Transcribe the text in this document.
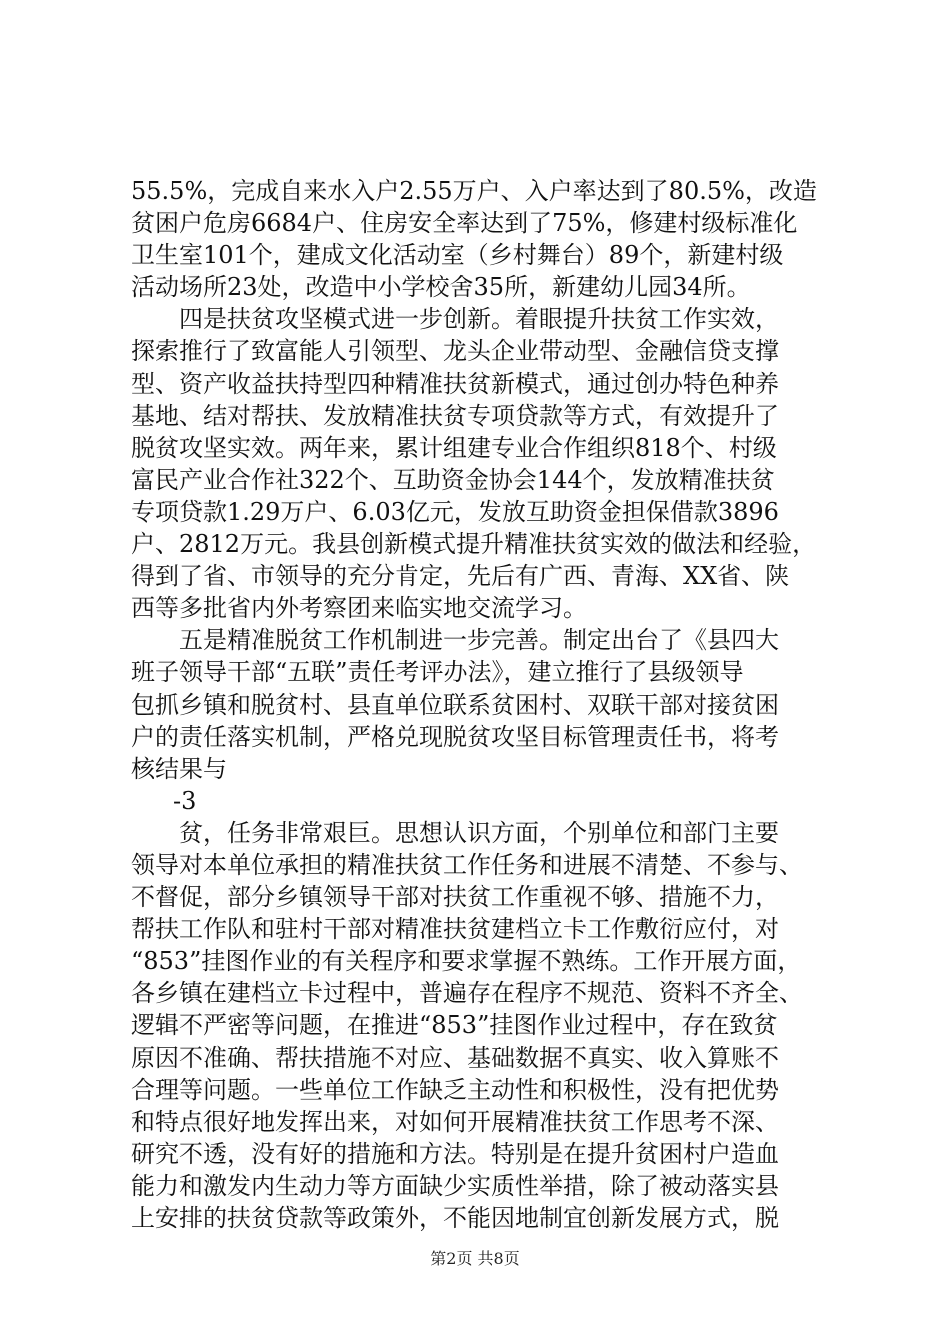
55.5%，完成自来水入户2.55万户、入户率达到了80.5%，改造
贫困户危房6684户、住房安全率达到了75%，修建村级标准化
卫生室101个，建成文化活动室（乡村舞台）89个，新建村级
活动场所23处，改造中小学校舍35所，新建幼儿园34所。
　　四是扶贫攻坚模式进一步创新。着眼提升扶贫工作实效，
探索推行了致富能人引领型、龙头企业带动型、金融信贷支撑
型、资产收益扶持型四种精准扶贫新模式，通过创办特色种养
基地、结对帮扶、发放精准扶贫专项贷款等方式，有效提升了
脱贫攻坚实效。两年来，累计组建专业合作组织818个、村级
富民产业合作社322个、互助资金协会144个，发放精准扶贫
专项贷款1.29万户、6.03亿元，发放互助资金担保借款3896
户、2812万元。我县创新模式提升精准扶贫实效的做法和经验，
得到了省、市领导的充分肯定，先后有广西、青海、XX省、陕
西等多批省内外考察团来临实地交流学习。
　　五是精准脱贫工作机制进一步完善。制定出台了《县四大
班子领导干部“五联”责任考评办法》，建立推行了县级领导
包抓乡镇和脱贫村、县直单位联系贫困村、双联干部对接贫困
户的责任落实机制，严格兑现脱贫攻坚目标管理责任书，将考
核结果与
-3
　　贫，任务非常艰巨。思想认识方面，个别单位和部门主要
领导对本单位承担的精准扶贫工作任务和进展不清楚、不参与、
不督促，部分乡镇领导干部对扶贫工作重视不够、措施不力，
帮扶工作队和驻村干部对精准扶贫建档立卡工作敷衍应付，对
“853”挂图作业的有关程序和要求掌握不熟练。工作开展方面，
各乡镇在建档立卡过程中，普遍存在程序不规范、资料不齐全、
逻辑不严密等问题，在推进“853”挂图作业过程中，存在致贫
原因不准确、帮扶措施不对应、基础数据不真实、收入算账不
合理等问题。一些单位工作缺乏主动性和积极性，没有把优势
和特点很好地发挥出来，对如何开展精准扶贫工作思考不深、
研究不透，没有好的措施和方法。特别是在提升贫困村户造血
能力和激发内生动力等方面缺少实质性举措，除了被动落实县
上安排的扶贫贷款等政策外，不能因地制宜创新发展方式，脱
第2页 共8页
